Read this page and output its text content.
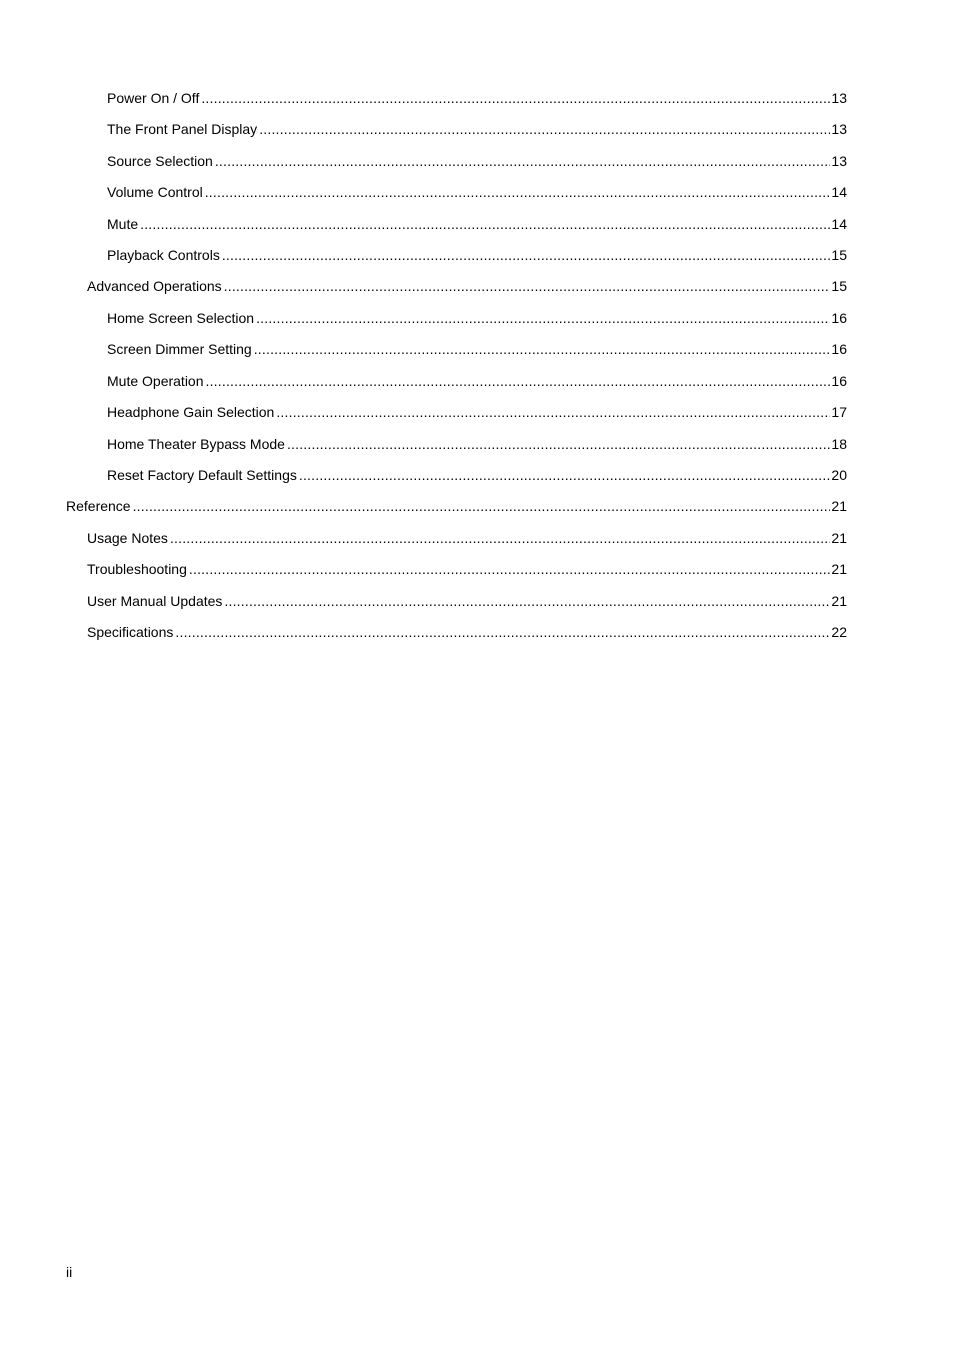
Power On / Off .....	13
The Front Panel Display .....	13
Source Selection .....	13
Volume Control .....	14
Mute .....	14
Playback Controls .....	15
Advanced Operations .....	15
Home Screen Selection .....	16
Screen Dimmer Setting .....	16
Mute Operation .....	16
Headphone Gain Selection .....	17
Home Theater Bypass Mode .....	18
Reset Factory Default Settings .....	20
Reference .....	21
Usage Notes .....	21
Troubleshooting .....	21
User Manual Updates .....	21
Specifications .....	22
ii
